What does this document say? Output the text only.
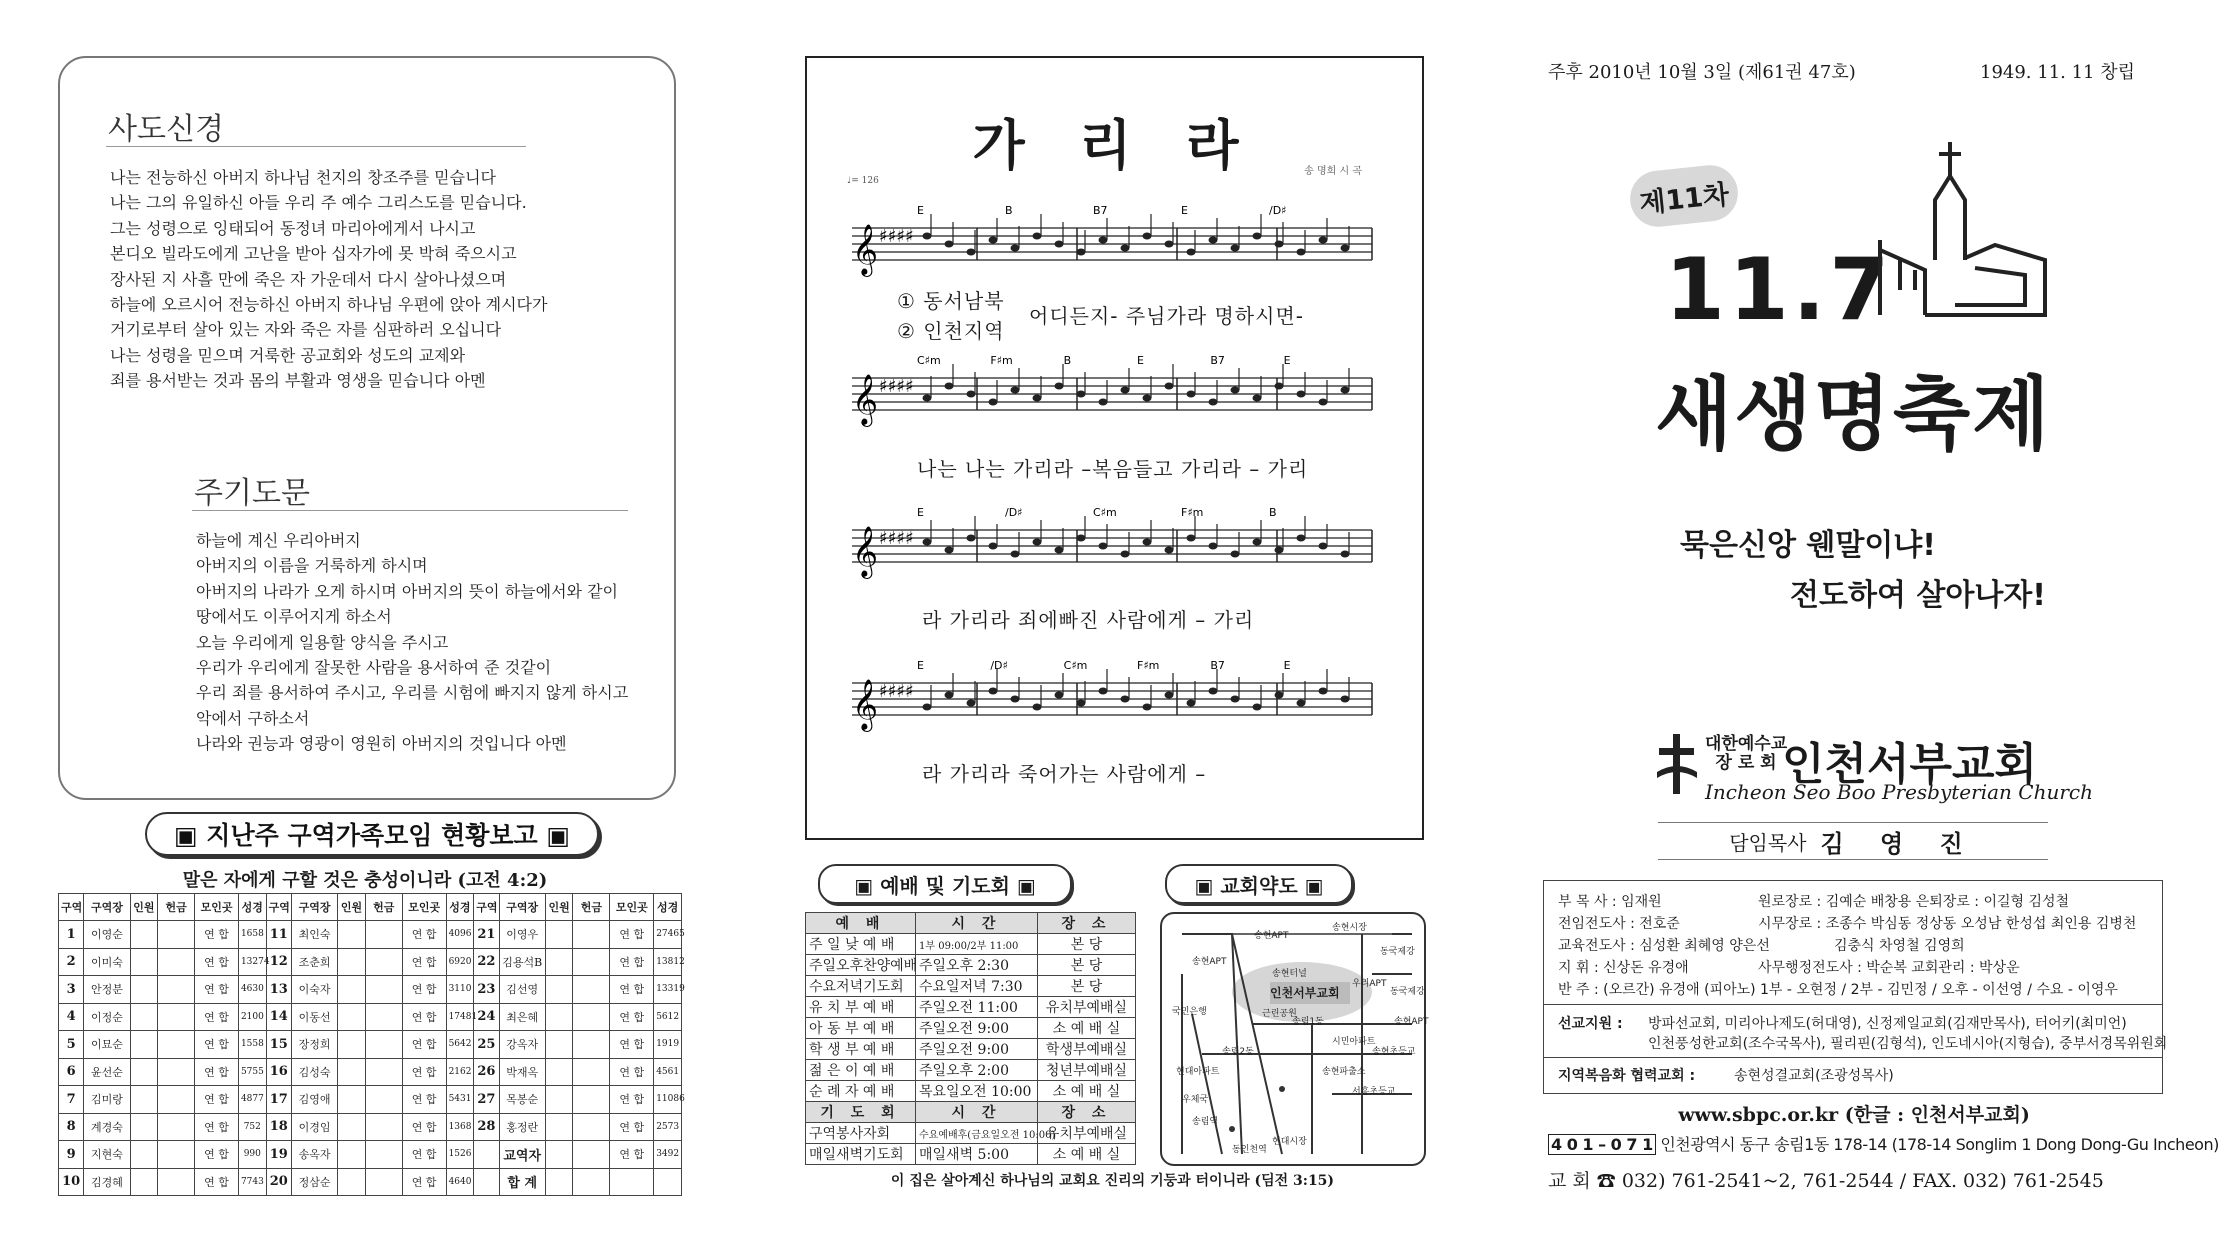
사도신경
나는 전능하신 아버지 하나님 천지의 창조주를 믿습니다
나는 그의 유일하신 아들 우리 주 예수 그리스도를 믿습니다.
그는 성령으로 잉태되어 동정녀 마리아에게서 나시고
본디오 빌라도에게 고난을 받아 십자가에 못 박혀 죽으시고
장사된 지 사흘 만에 죽은 자 가운데서 다시 살아나셨으며
하늘에 오르시어 전능하신 아버지 하나님 우편에 앉아 계시다가
거기로부터 살아 있는 자와 죽은 자를 심판하러 오십니다
나는 성령을 믿으며 거룩한 공교회와 성도의 교제와
죄를 용서받는 것과 몸의 부활과 영생을 믿습니다 아멘
주기도문
하늘에 계신 우리아버지
아버지의 이름을 거룩하게 하시며
아버지의 나라가 오게 하시며 아버지의 뜻이 하늘에서와 같이
땅에서도 이루어지게 하소서
오늘 우리에게 일용할 양식을 주시고
우리가 우리에게 잘못한 사람을 용서하여 준 것같이
우리 죄를 용서하여 주시고, 우리를 시험에 빠지지 않게 하시고
악에서 구하소서
나라와 권능과 영광이 영원히 아버지의 것입니다 아멘
▣ 지난주 구역가족모임 현황보고 ▣
말은 자에게 구할 것은 충성이니라 (고전 4:2)
구역	구역장	인원	헌금	모인곳	성경	구역	구역장	인원	헌금	모인곳	성경	구역	구역장	인원	헌금	모인곳	성경
1	이영순			연 합	1658	11	최인숙			연 합	4096	21	이영우			연 합	27465
2	이미숙			연 합	13274	12	조춘희			연 합	6920	22	김용석B			연 합	13812
3	안정분			연 합	4630	13	이숙자			연 합	3110	23	김선영			연 합	13319
4	이정순			연 합	2100	14	이동선			연 합	17481	24	최은혜			연 합	5612
5	이묘순			연 합	1558	15	장정희			연 합	5642	25	강옥자			연 합	1919
6	윤선순			연 합	5755	16	김성숙			연 합	2162	26	박재옥			연 합	4561
7	김미랑			연 합	4877	17	김영애			연 합	5431	27	목봉순			연 합	11086
8	계경숙			연 합	752	18	이경임			연 합	1368	28	홍정란			연 합	2573
9	지현숙			연 합	990	19	송옥자			연 합	1526		교역자			연 합	3492
10	김경혜			연 합	7743	20	정삼순			연 합	4640		합 계				
가 리 라	송 명희 시 곡
♩= 126
𝄞 ♯♯♯♯
E	B	B7	E	/D♯
𝄞 ♯♯♯♯
C♯m	F♯m	B	E	B7	E
𝄞 ♯♯♯♯
E	/D♯	C♯m	F♯m	B
𝄞 ♯♯♯♯
E	/D♯	C♯m	F♯m	B7	E
① 동서남북
② 인천지역
어디든지- 주님가라 명하시면-
나는 나는 가리라 –복음들고 가리라 – 가리
라 가리라 죄에빠진 사람에게 – 가리
라 가리라 죽어가는 사람에게 –
▣ 예배 및 기도회 ▣	▣ 교회약도 ▣
예 배	시 간	장 소
주 일 낮 예 배	1부 09:00/2부 11:00	본 당
주일오후찬양예배	주일오후 2:30	본 당
수요저녁기도회	수요일저녁 7:30	본 당
유 치 부 예 배	주일오전 11:00	유치부예배실
아 동 부 예 배	주일오전 9:00	소 예 배 실
학 생 부 예 배	주일오전 9:00	학생부예배실
젊 은 이 예 배	주일오후 2:00	청년부예배실
순 례 자 예 배	목요일오전 10:00	소 예 배 실
기 도 회	시 간	장 소
구역봉사자회	수요예배후(금요일오전 10:00)	유치부예배실
매일새벽기도회	매일새벽 5:00	소 예 배 실
송현APT
송현시장
동국제강
송현터널
송현APT
동국제강
근린공원
송림1동
우리APT
국민은행
시민아파트
현대아파트
송림2동
송현파출소
송현초등교
송현APT
송림역
동인천역
서흥초등교
현대시장
우체국
인천서부교회
이 집은 살아계신 하나님의 교회요 진리의 기둥과 터이니라 (딤전 3:15)
주후 2010년 10월 3일 (제61권 47호)	1949. 11. 11 창립
제11차
11.7
새생명축제
묵은신앙 웬말이냐!
전도하여 살아나자!
대한예수교
장 로 회 인천서부교회
Incheon Seo Boo Presbyterian Church
담임목사 김 영 진
부 목 사 : 임재원	원로장로 : 김예순 배창용 은퇴장로 : 이길형 김성철
전임전도사 : 전호준	시무장로 : 조종수 박심동 정상동 오성남 한성섭 최인용 김병천
교육전도사 : 심성환 최혜영 양은선	김충식 차영철 김영희
지 휘 : 신상돈 유경애	사무행정전도사 : 박순복 교회관리 : 박상운
반 주 : (오르간) 유경애 (피아노) 1부 - 오현정 / 2부 - 김민정 / 오후 - 이선영 / 수요 - 이영우
선교지원 : 방파선교회, 미리아나제도(허대영), 신정제일교회(김재만목사), 터어키(최미언)
인천풍성한교회(조수국목사), 필리핀(김형석), 인도네시아(지형습), 중부서경목위원회
지역복음화 협력교회 :	송현성결교회(조광성목사)
www.sbpc.or.kr (한글 : 인천서부교회)
4 0 1 – 0 7 1 인천광역시 동구 송림1동 178-14 (178-14 Songlim 1 Dong Dong-Gu Incheon)
교 회 ☎ 032) 761-2541~2, 761-2544 / FAX. 032) 761-2545
